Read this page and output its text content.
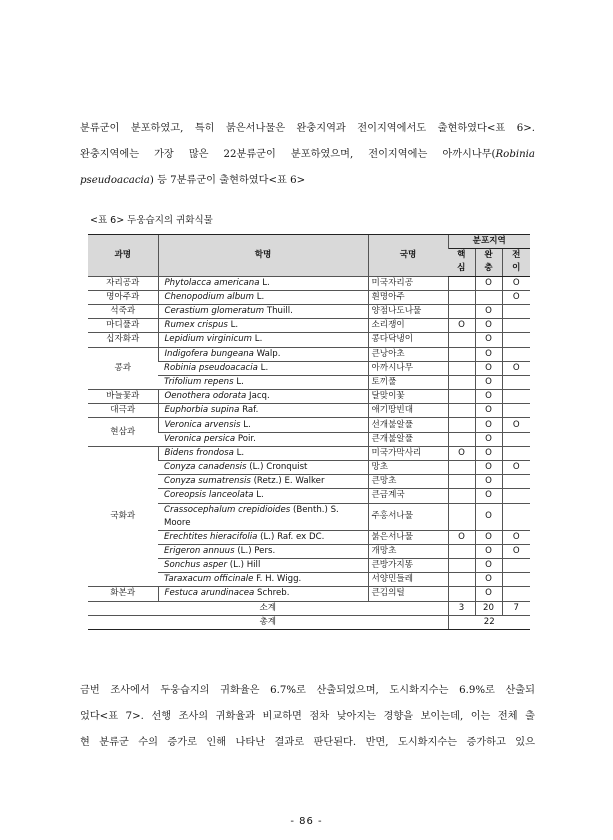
분류군이 분포하였고, 특히 붉은서나물은 완충지역과 전이지역에서도 출현하였다<표 6>.
완충지역에는 가장 많은 22분류군이 분포하였으며, 전이지역에는 아까시나무(Robinia
pseudoacacia) 등 7분류군이 출현하였다<표 6>
<표 6> 두웅습지의 귀화식물
과명	학명	국명	분포지역		
			핵	완	전
			심	충	이
자리공과	Phytolacca americana L.	미국자리공		O	O
명아주과	Chenopodium album L.	흰명아주			O
석죽과	Cerastium glomeratum Thuill.	양점나도나물		O	
마디풀과	Rumex crispus L.	소리쟁이	O	O	
십자화과	Lepidium virginicum L.	콩다닥냉이		O	
콩과	Indigofera bungeana Walp.	큰낭아초		O	
	Robinia pseudoacacia L.	아까시나무		O	O
	Trifolium repens L.	토끼풀		O	
바늘꽃과	Oenothera odorata Jacq.	달맞이꽃		O	
대극과	Euphorbia supina Raf.	애기땅빈대		O	
현삼과	Veronica arvensis L.	선개불알풀		O	O
	Veronica persica Poir.	큰개불알풀		O	
국화과	Bidens frondosa L.	미국가막사리	O	O	
	Conyza canadensis (L.) Cronquist	망초		O	O
	Conyza sumatrensis (Retz.) E. Walker	큰망초		O	
	Coreopsis lanceolata L.	큰금계국		O	
	Crassocephalum crepidioides (Benth.) S. Moore	주홍서나물		O	
	Erechtites hieracifolia (L.) Raf. ex DC.	붉은서나물	O	O	O
	Erigeron annuus (L.) Pers.	개망초		O	O
	Sonchus asper (L.) Hill	큰방가지똥		O	
	Taraxacum officinale F. H. Wigg.	서양민들레		O	
화본과	Festuca arundinacea Schreb.	큰김의털		O	
소계			3	20	7
총계			22		
금번 조사에서 두웅습지의 귀화율은 6.7%로 산출되었으며, 도시화지수는 6.9%로 산출되
었다<표 7>. 선행 조사의 귀화율과 비교하면 점차 낮아지는 경향을 보이는데, 이는 전체 출
현 분류군 수의 증가로 인해 나타난 결과로 판단된다. 반면, 도시화지수는 증가하고 있으
- 86 -
